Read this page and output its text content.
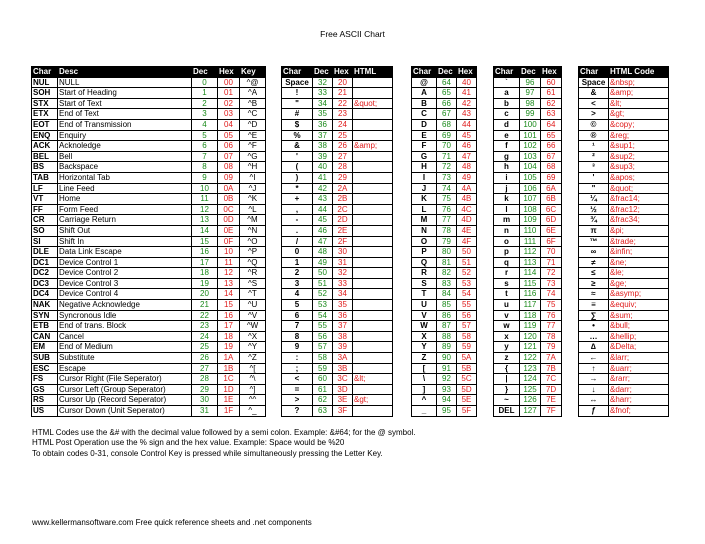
Free ASCII Chart
Char	Desc	Dec	Hex	Key
NUL	NULL	0	00	^@
SOH	Start of Heading	1	01	^A
STX	Start of Text	2	02	^B
ETX	End of Text	3	03	^C
EOT	End of Transmission	4	04	^D
ENQ	Enquiry	5	05	^E
ACK	Acknoledge	6	06	^F
BEL	Bell	7	07	^G
BS	Backspace	8	08	^H
TAB	Horizontal Tab	9	09	^I
LF	Line Feed	10	0A	^J
VT	Home	11	0B	^K
FF	Form Feed	12	0C	^L
CR	Carriage Return	13	0D	^M
SO	Shift Out	14	0E	^N
SI	Shift In	15	0F	^O
DLE	Data Link Escape	16	10	^P
DC1	Device Control 1	17	11	^Q
DC2	Device Control 2	18	12	^R
DC3	Device Control 3	19	13	^S
DC4	Device Control 4	20	14	^T
NAK	Negative Acknowledge	21	15	^U
SYN	Syncronous Idle	22	16	^V
ETB	End of trans. Block	23	17	^W
CAN	Cancel	24	18	^X
EM	End of Medium	25	19	^Y
SUB	Substitute	26	1A	^Z
ESC	Escape	27	1B	^[
FS	Cursor Right (File Seperator)	28	1C	^\
GS	Cursor Left (Group Seperator)	29	1D	^]
RS	Cursor Up (Record Seperator)	30	1E	^^
US	Cursor Down (Unit Seperator)	31	1F	^_
Char	Dec	Hex	HTML
Space	32	20	
!	33	21	
"	34	22	&quot;
#	35	23	
$	36	24	
%	37	25	
&	38	26	&amp;
'	39	27	
(	40	28	
)	41	29	
*	42	2A	
+	43	2B	
,	44	2C	
-	45	2D	
.	46	2E	
/	47	2F	
0	48	30	
1	49	31	
2	50	32	
3	51	33	
4	52	34	
5	53	35	
6	54	36	
7	55	37	
8	56	38	
9	57	39	
:	58	3A	
;	59	3B	
<	60	3C	&lt;
=	61	3D	
>	62	3E	&gt;
?	63	3F	
Char	Dec	Hex
@	64	40
A	65	41
B	66	42
C	67	43
D	68	44
E	69	45
F	70	46
G	71	47
H	72	48
I	73	49
J	74	4A
K	75	4B
L	76	4C
M	77	4D
N	78	4E
O	79	4F
P	80	50
Q	81	51
R	82	52
S	83	53
T	84	54
U	85	55
V	86	56
W	87	57
X	88	58
Y	89	59
Z	90	5A
[	91	5B
\	92	5C
]	93	5D
^	94	5E
_	95	5F
Char	Dec	Hex
`	96	60
a	97	61
b	98	62
c	99	63
d	100	64
e	101	65
f	102	66
g	103	67
h	104	68
i	105	69
j	106	6A
k	107	6B
l	108	6C
m	109	6D
n	110	6E
o	111	6F
p	112	70
q	113	71
r	114	72
s	115	73
t	116	74
u	117	75
v	118	76
w	119	77
x	120	78
y	121	79
z	122	7A
{	123	7B
|	124	7C
}	125	7D
~	126	7E
DEL	127	7F
Char	HTML Code
Space	&nbsp;
&	&amp;
<	&lt;
>	&gt;
©	&copy;
®	&reg;
¹	&sup1;
²	&sup2;
³	&sup3;
'	&apos;
"	&quot;
¼	&frac14;
½	&frac12;
¾	&frac34;
π	&pi;
™	&trade;
∞	&infin;
≠	&ne;
≤	&le;
≥	&ge;
≈	&asymp;
≡	&equiv;
∑	&sum;
•	&bull;
…	&hellip;
∆	&Delta;
←	&larr;
↑	&uarr;
→	&rarr;
↓	&darr;
↔	&harr;
ƒ	&fnof;
HTML Codes use the &# with the decimal value followed by a semi colon. Example: &#64; for the @ symbol.
HTML Post Operation use the % sign and the hex value. Example: Space would be %20
To obtain codes 0-31, console Control Key is pressed while simultaneously pressing the Letter Key.
www.kellermansoftware.com Free quick reference sheets and .net components
